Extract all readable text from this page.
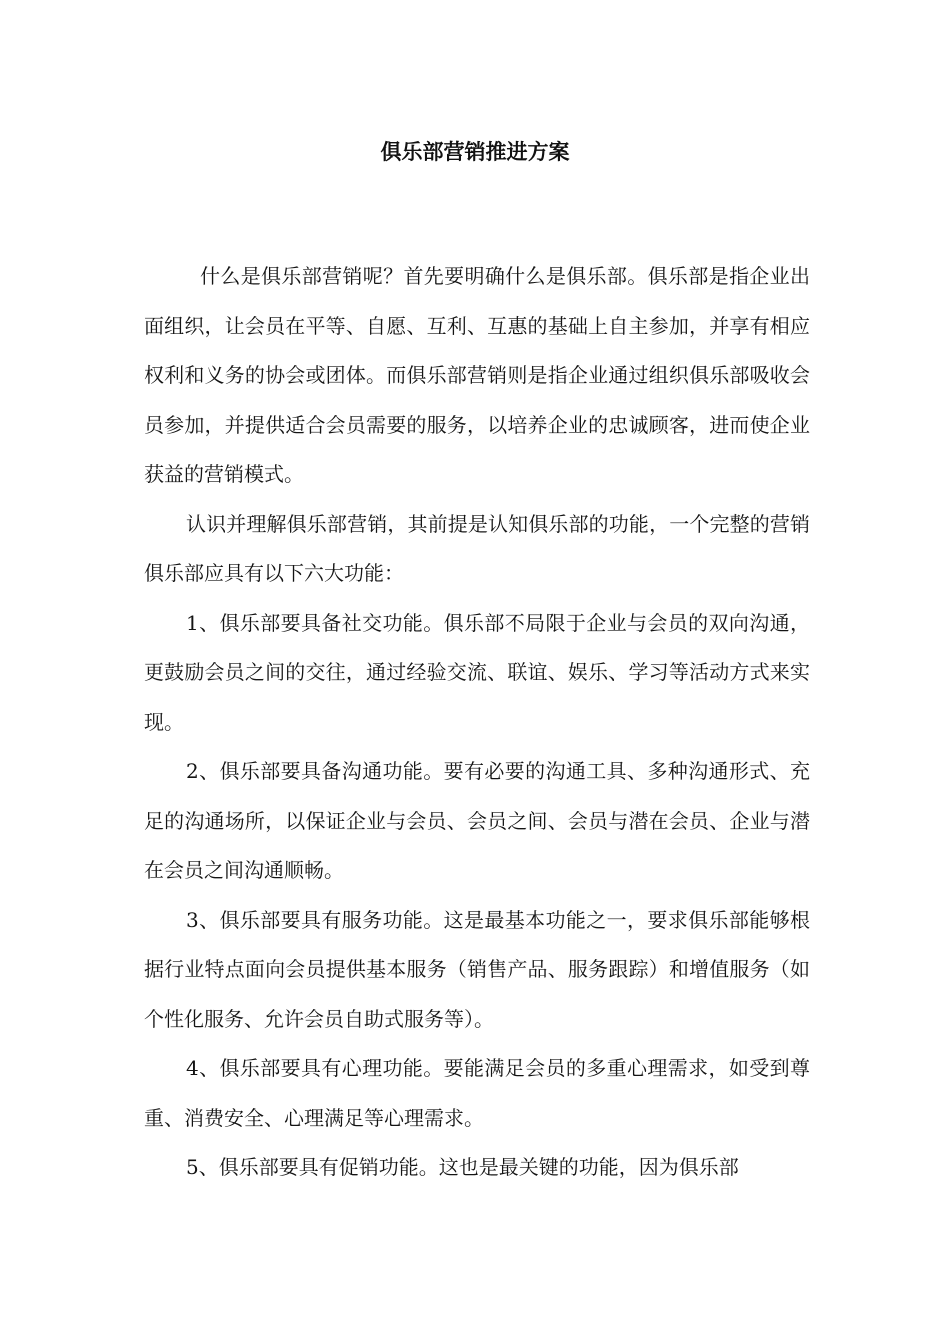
俱乐部营销推进方案

什么是俱乐部营销呢？首先要明确什么是俱乐部。俱乐部是指企业出面组织，让会员在平等、自愿、互利、互惠的基础上自主参加，并享有相应权利和义务的协会或团体。而俱乐部营销则是指企业通过组织俱乐部吸收会员参加，并提供适合会员需要的服务，以培养企业的忠诚顾客，进而使企业获益的营销模式。

认识并理解俱乐部营销，其前提是认知俱乐部的功能，一个完整的营销俱乐部应具有以下六大功能：

1、俱乐部要具备社交功能。俱乐部不局限于企业与会员的双向沟通，更鼓励会员之间的交往，通过经验交流、联谊、娱乐、学习等活动方式来实现。

2、俱乐部要具备沟通功能。要有必要的沟通工具、多种沟通形式、充足的沟通场所，以保证企业与会员、会员之间、会员与潜在会员、企业与潜在会员之间沟通顺畅。

3、俱乐部要具有服务功能。这是最基本功能之一，要求俱乐部能够根据行业特点面向会员提供基本服务（销售产品、服务跟踪）和增值服务（如个性化服务、允许会员自助式服务等）。

4、俱乐部要具有心理功能。要能满足会员的多重心理需求，如受到尊重、消费安全、心理满足等心理需求。

5、俱乐部要具有促销功能。这也是最关键的功能，因为俱乐部
